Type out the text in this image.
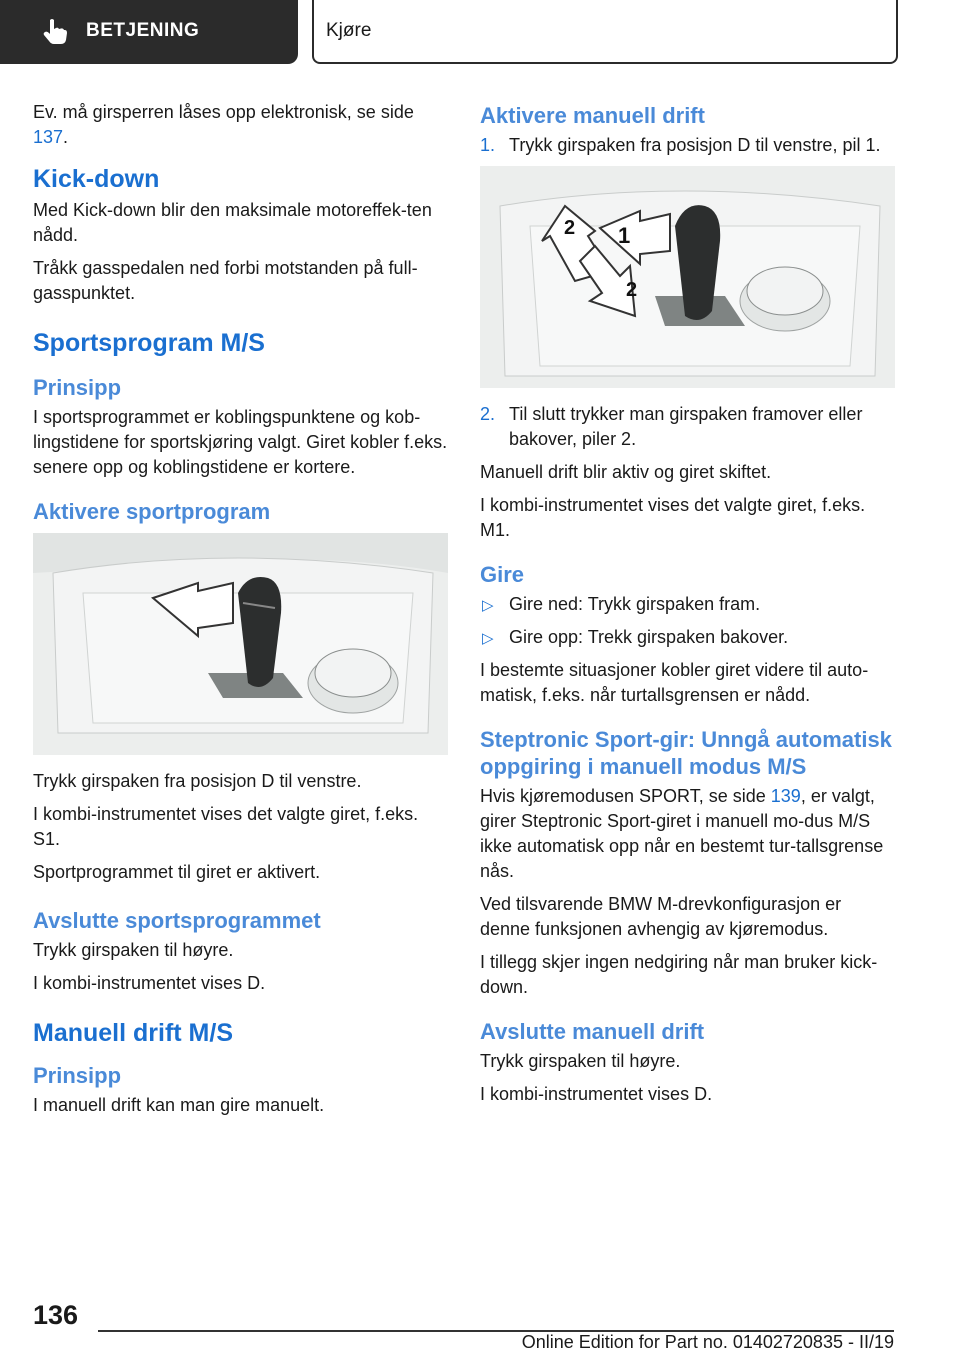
BETJENING	Kjøre

Ev. må girsperren låses opp elektronisk, se side 137.

Kick-down

Med Kick-down blir den maksimale motoreffek-ten nådd.

Tråkk gasspedalen ned forbi motstanden på full-gasspunktet.

Sportsprogram M/S
Prinsipp

I sportsprogrammet er koblingspunktene og kob-lingstidene for sportskjøring valgt. Giret kobler f.eks. senere opp og koblingstidene er kortere.

Aktivere sportprogram

Trykk girspaken fra posisjon D til venstre.

I kombi-instrumentet vises det valgte giret, f.eks. S1.

Sportprogrammet til giret er aktivert.

Avslutte sportsprogrammet

Trykk girspaken til høyre.

I kombi-instrumentet vises D.

Manuell drift M/S
Prinsipp

I manuell drift kan man gire manuelt.

Aktivere manuell drift
1. Trykk girspaken fra posisjon D til venstre, pil 1.
1
2
2
2. Til slutt trykker man girspaken framover eller bakover, piler 2.

Manuell drift blir aktiv og giret skiftet.

I kombi-instrumentet vises det valgte giret, f.eks. M1.

Gire
▷ Gire ned: Trykk girspaken fram.
▷ Gire opp: Trekk girspaken bakover.

I bestemte situasjoner kobler giret videre til auto-matisk, f.eks. når turtallsgrensen er nådd.

Steptronic Sport-gir: Unngå automatisk oppgiring i manuell modus M/S

Hvis kjøremodusen SPORT, se side 139, er valgt, girer Steptronic Sport-giret i manuell mo-dus M/S ikke automatisk opp når en bestemt tur-tallsgrense nås.

Ved tilsvarende BMW M-drevkonfigurasjon er denne funksjonen avhengig av kjøremodus.

I tillegg skjer ingen nedgiring når man bruker kick-down.

Avslutte manuell drift

Trykk girspaken til høyre.

I kombi-instrumentet vises D.

136
Online Edition for Part no. 01402720835 - II/19
